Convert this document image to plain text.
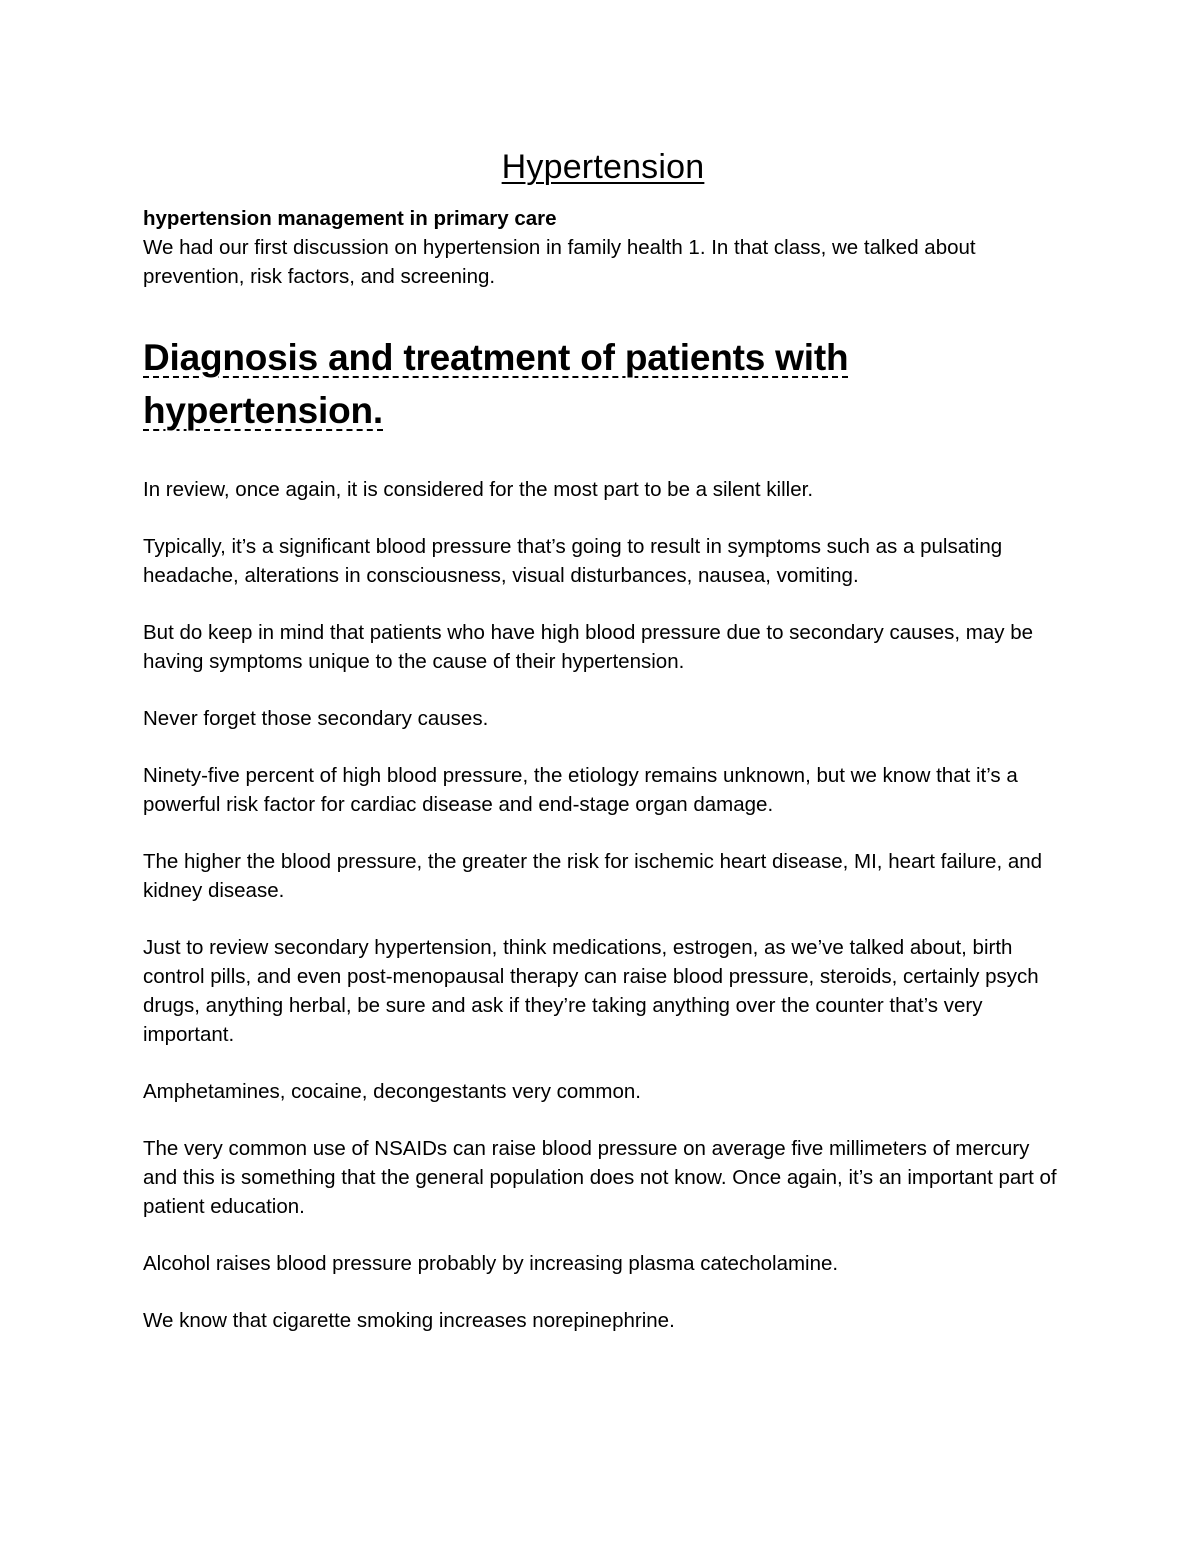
Hypertension

hypertension management in primary care

We had our first discussion on hypertension in family health 1. In that class, we talked about prevention, risk factors, and screening.

Diagnosis and treatment of patients with hypertension.

In review, once again, it is considered for the most part to be a silent killer.

Typically, it’s a significant blood pressure that’s going to result in symptoms such as a pulsating headache, alterations in consciousness, visual disturbances, nausea, vomiting.

But do keep in mind that patients who have high blood pressure due to secondary causes, may be having symptoms unique to the cause of their hypertension.

Never forget those secondary causes.

Ninety-five percent of high blood pressure, the etiology remains unknown, but we know that it’s a powerful risk factor for cardiac disease and end-stage organ damage.

The higher the blood pressure, the greater the risk for ischemic heart disease, MI, heart failure, and kidney disease.

Just to review secondary hypertension, think medications, estrogen, as we’ve talked about, birth control pills, and even post-menopausal therapy can raise blood pressure, steroids, certainly psych drugs, anything herbal, be sure and ask if they’re taking anything over the counter that’s very important.

Amphetamines, cocaine, decongestants very common.

The very common use of NSAIDs can raise blood pressure on average five millimeters of mercury and this is something that the general population does not know. Once again, it’s an important part of patient education.

Alcohol raises blood pressure probably by increasing plasma catecholamine.

We know that cigarette smoking increases norepinephrine.
